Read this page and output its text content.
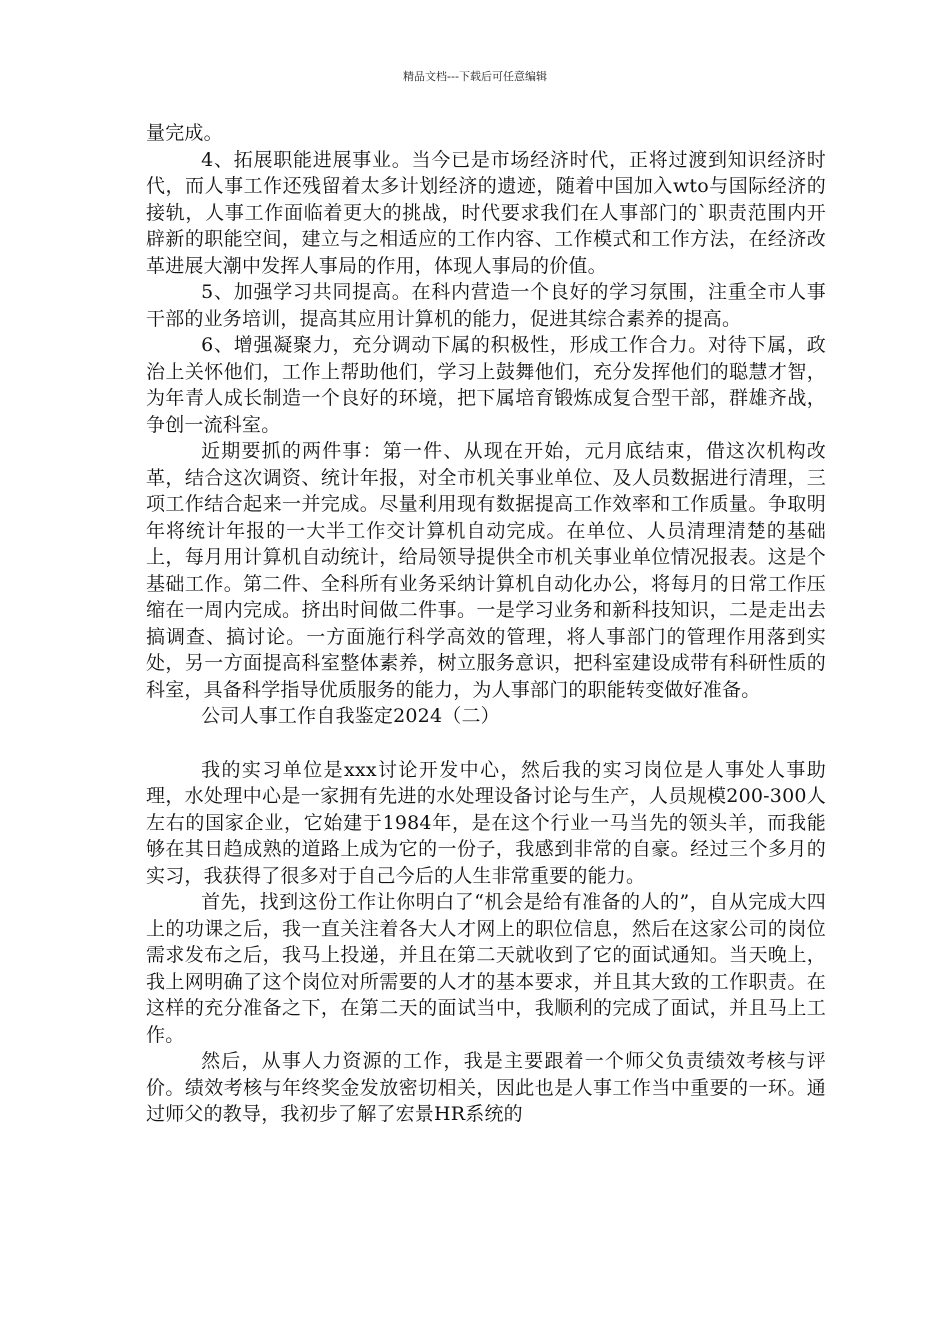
精品文档---下载后可任意编辑

量完成。

4、拓展职能进展事业。当今已是市场经济时代，正将过渡到知识经济时代，而人事工作还残留着太多计划经济的遗迹，随着中国加入wto与国际经济的接轨，人事工作面临着更大的挑战，时代要求我们在人事部门的`职责范围内开辟新的职能空间，建立与之相适应的工作内容、工作模式和工作方法，在经济改革进展大潮中发挥人事局的作用，体现人事局的价值。

5、加强学习共同提高。在科内营造一个良好的学习氛围，注重全市人事干部的业务培训，提高其应用计算机的能力，促进其综合素养的提高。

6、增强凝聚力，充分调动下属的积极性，形成工作合力。对待下属，政治上关怀他们，工作上帮助他们，学习上鼓舞他们，充分发挥他们的聪慧才智，为年青人成长制造一个良好的环境，把下属培育锻炼成复合型干部，群雄齐战，争创一流科室。

近期要抓的两件事：第一件、从现在开始，元月底结束，借这次机构改革，结合这次调资、统计年报，对全市机关事业单位、及人员数据进行清理，三项工作结合起来一并完成。尽量利用现有数据提高工作效率和工作质量。争取明年将统计年报的一大半工作交计算机自动完成。在单位、人员清理清楚的基础上，每月用计算机自动统计，给局领导提供全市机关事业单位情况报表。这是个基础工作。第二件、全科所有业务采纳计算机自动化办公，将每月的日常工作压缩在一周内完成。挤出时间做二件事。一是学习业务和新科技知识，二是走出去搞调查、搞讨论。一方面施行科学高效的管理，将人事部门的管理作用落到实处，另一方面提高科室整体素养，树立服务意识，把科室建设成带有科研性质的科室，具备科学指导优质服务的能力，为人事部门的职能转变做好准备。

公司人事工作自我鉴定2024（二）

我的实习单位是xxx讨论开发中心，然后我的实习岗位是人事处人事助理，水处理中心是一家拥有先进的水处理设备讨论与生产，人员规模200-300人左右的国家企业，它始建于1984年，是在这个行业一马当先的领头羊，而我能够在其日趋成熟的道路上成为它的一份子，我感到非常的自豪。经过三个多月的实习，我获得了很多对于自己今后的人生非常重要的能力。

首先，找到这份工作让你明白了“机会是给有准备的人的”，自从完成大四上的功课之后，我一直关注着各大人才网上的职位信息，然后在这家公司的岗位需求发布之后，我马上投递，并且在第二天就收到了它的面试通知。当天晚上，我上网明确了这个岗位对所需要的人才的基本要求，并且其大致的工作职责。在这样的充分准备之下，在第二天的面试当中，我顺利的完成了面试，并且马上工作。

然后，从事人力资源的工作，我是主要跟着一个师父负责绩效考核与评价。绩效考核与年终奖金发放密切相关，因此也是人事工作当中重要的一环。通过师父的教导，我初步了解了宏景HR系统的
